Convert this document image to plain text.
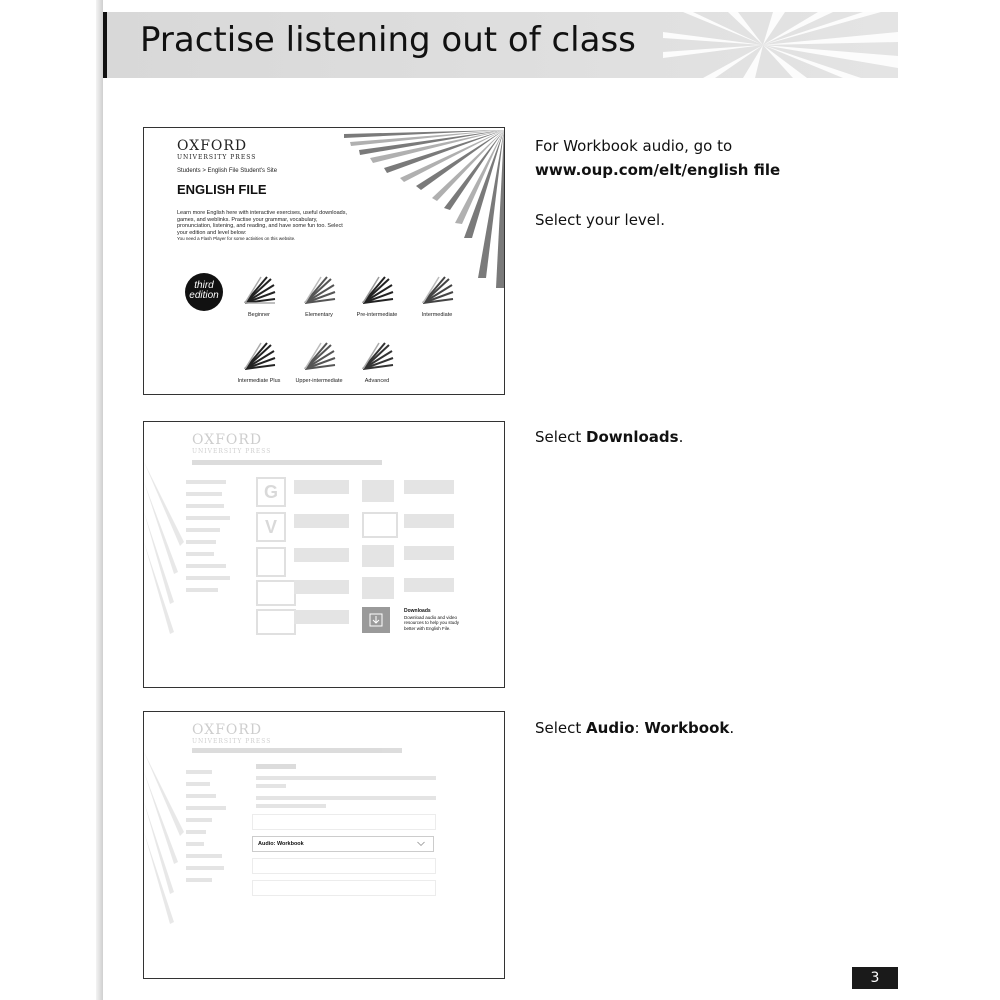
Practise listening out of class
OXFORD
UNIVERSITY PRESS
Students > English File Student's Site
ENGLISH FILE
Learn more English here with interactive exercises, useful downloads, games, and weblinks. Practise your grammar, vocabulary, pronunciation, listening, and reading, and have some fun too. Select your edition and level below:
You need a Flash Player for some activities on this website.
third
edition
Beginner	Elementary	Pre-intermediate	Intermediate
Intermediate Plus	Upper-intermediate	Advanced
OXFORD
UNIVERSITY PRESS
G
V
Downloads
Download audio and video resources to help you study better with English File.
OXFORD
UNIVERSITY PRESS
Audio: Workbook
For Workbook audio, go to
www.oup.com/elt/english file
Select your level.
Select Downloads.
Select Audio: Workbook.
3
